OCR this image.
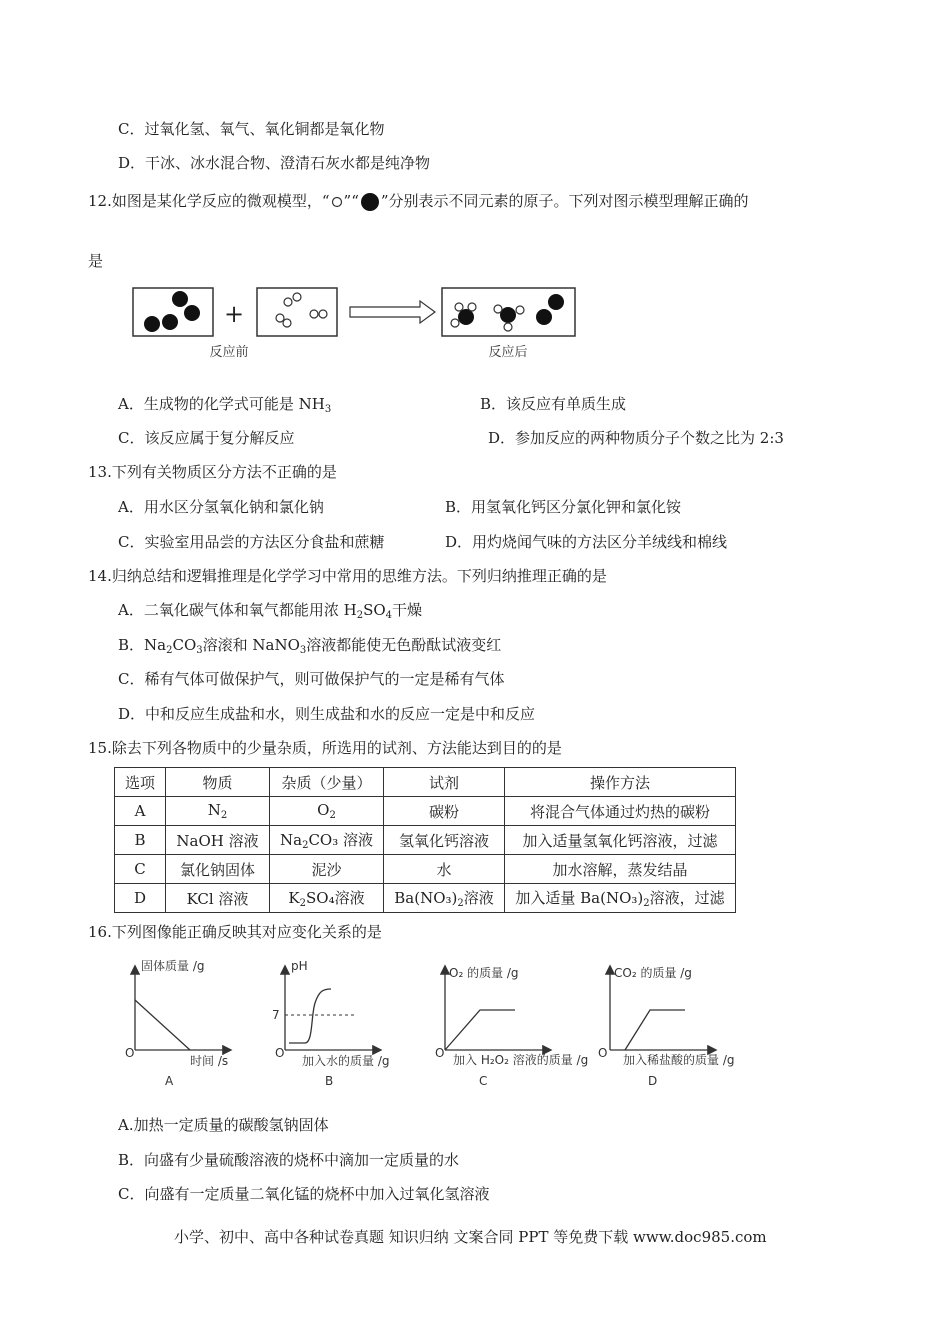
C．过氧化氢、氧气、氧化铜都是氧化物
D．干冰、冰水混合物、澄清石灰水都是纯净物
12.如图是某化学反应的微观模型，“ ”“ ”分别表示不同元素的原子。下列对图示模型理解正确的
是
+
反应前	反应后
A．生成物的化学式可能是 $NH_3$	B．该反应有单质生成
C．该反应属于复分解反应	D．参加反应的两种物质分子个数之比为 2:3
13.下列有关物质区分方法不正确的是
A．用水区分氢氧化钠和氯化钠	B．用氢氧化钙区分氯化钾和氯化铵
C．实验室用品尝的方法区分食盐和蔗糖	D．用灼烧闻气味的方法区分羊绒线和棉线
14.归纳总结和逻辑推理是化学学习中常用的思维方法。下列归纳推理正确的是
A．二氧化碳气体和氧气都能用浓 $H_2SO_4$干燥
B．$Na_2CO_3$溶滚和 NaNO$_3$溶液都能使无色酚酞试液变红
C．稀有气体可做保护气，则可做保护气的一定是稀有气体
D．中和反应生成盐和水，则生成盐和水的反应一定是中和反应
15.除去下列各物质中的少量杂质，所选用的试剂、方法能达到目的的是
选项	物质	杂质（少量）	试剂	操作方法
A	$N_2$	$O_2$	碳粉	将混合气体通过灼热的碳粉
B	NaOH 溶液	$Na_2CO_3$ 溶液	氢氧化钙溶液	加入适量氢氧化钙溶液，过滤
C	氯化钠固体	泥沙	水	加水溶解，蒸发结晶
D	KCl 溶液	$K_2SO_4$溶液	$Ba(NO_3)_2$溶液	加入适量 $Ba(NO_3)_2$溶液，过滤
16.下列图像能正确反映其对应变化关系的是
固体质量 /g
时间 /s
O
A
pH
7
加入水的质量 /g
O
B
O₂ 的质量 /g
加入 H₂O₂ 溶液的质量 /g
O
C
CO₂ 的质量 /g
加入稀盐酸的质量 /g
O
D
A.加热一定质量的碳酸氢钠固体
B．向盛有少量硫酸溶液的烧杯中滴加一定质量的水
C．向盛有一定质量二氧化锰的烧杯中加入过氧化氢溶液
小学、初中、高中各种试卷真题 知识归纳 文案合同 PPT 等免费下载 www.doc985.com
